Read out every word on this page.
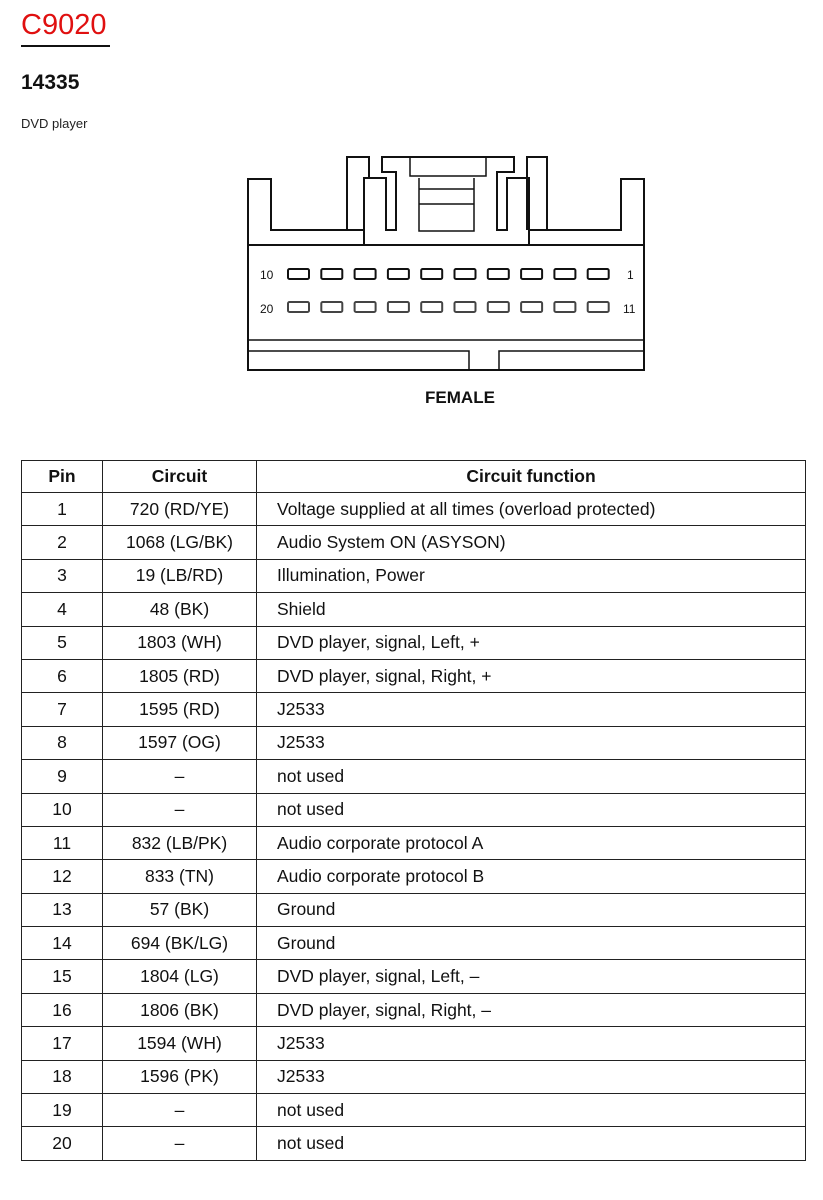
C9020
14335
DVD player
10	1
20	11
FEMALE
Pin	Circuit	Circuit function
1	720 (RD/YE)	Voltage supplied at all times (overload protected)
2	1068 (LG/BK)	Audio System ON (ASYSON)
3	19 (LB/RD)	Illumination, Power
4	48 (BK)	Shield
5	1803 (WH)	DVD player, signal, Left, +
6	1805 (RD)	DVD player, signal, Right, +
7	1595 (RD)	J2533
8	1597 (OG)	J2533
9	–	not used
10	–	not used
11	832 (LB/PK)	Audio corporate protocol A
12	833 (TN)	Audio corporate protocol B
13	57 (BK)	Ground
14	694 (BK/LG)	Ground
15	1804 (LG)	DVD player, signal, Left, –
16	1806 (BK)	DVD player, signal, Right, –
17	1594 (WH)	J2533
18	1596 (PK)	J2533
19	–	not used
20	–	not used
